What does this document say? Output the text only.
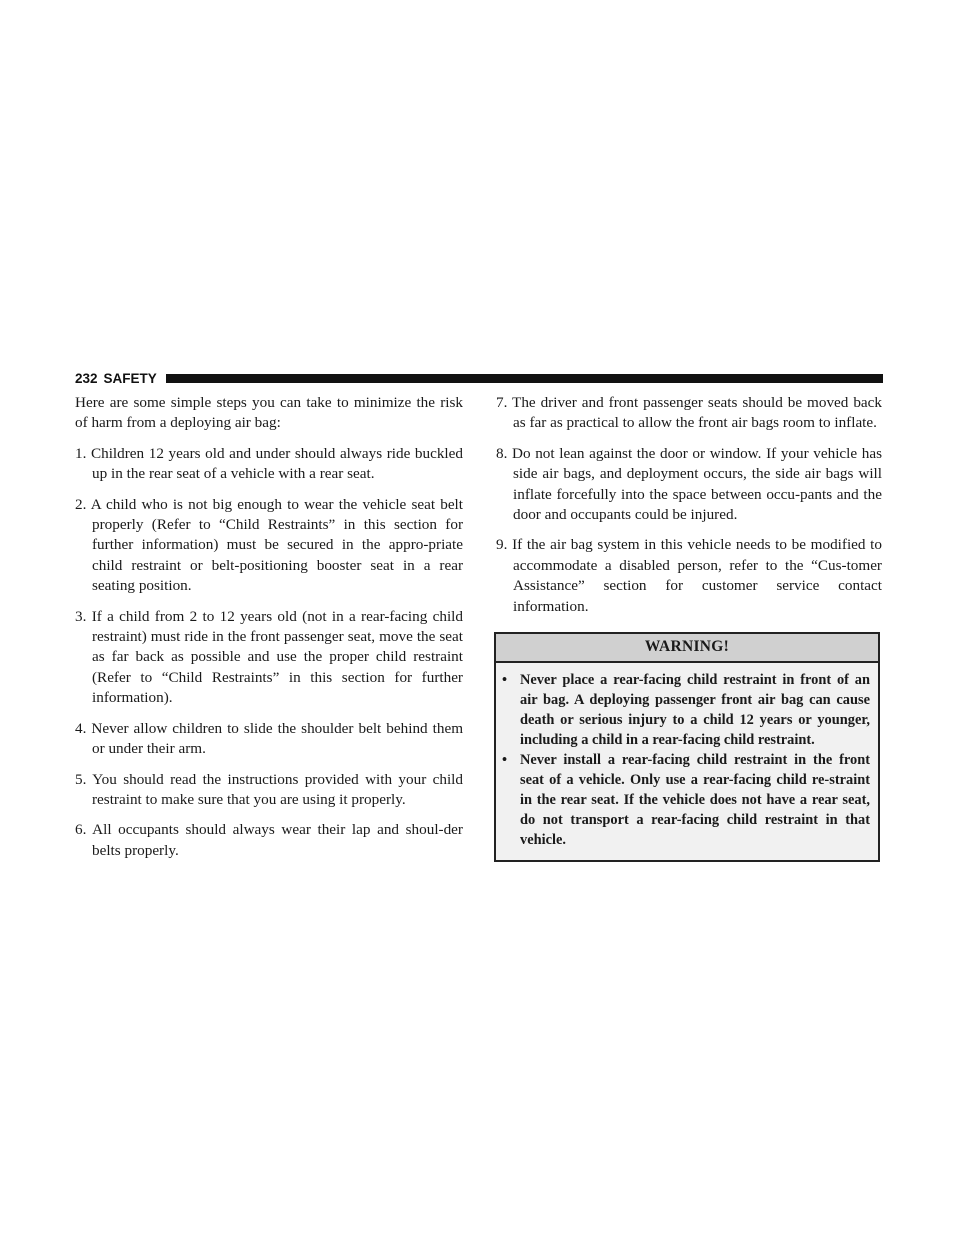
232 SAFETY

Here are some simple steps you can take to minimize the risk of harm from a deploying air bag:

1. Children 12 years old and under should always ride buckled up in the rear seat of a vehicle with a rear seat.
2. A child who is not big enough to wear the vehicle seat belt properly (Refer to “Child Restraints” in this section for further information) must be secured in the appro-priate child restraint or belt-positioning booster seat in a rear seating position.
3. If a child from 2 to 12 years old (not in a rear-facing child restraint) must ride in the front passenger seat, move the seat as far back as possible and use the proper child restraint (Refer to “Child Restraints” in this section for further information).
4. Never allow children to slide the shoulder belt behind them or under their arm.
5. You should read the instructions provided with your child restraint to make sure that you are using it properly.
6. All occupants should always wear their lap and shoul-der belts properly.
7. The driver and front passenger seats should be moved back as far as practical to allow the front air bags room to inflate.
8. Do not lean against the door or window. If your vehicle has side air bags, and deployment occurs, the side air bags will inflate forcefully into the space between occu-pants and the door and occupants could be injured.
9. If the air bag system in this vehicle needs to be modified to accommodate a disabled person, refer to the “Cus-tomer Assistance” section for customer service contact information.
WARNING!
• Never place a rear-facing child restraint in front of an air bag. A deploying passenger front air bag can cause death or serious injury to a child 12 years or younger, including a child in a rear-facing child restraint.
• Never install a rear-facing child restraint in the front seat of a vehicle. Only use a rear-facing child re-straint in the rear seat. If the vehicle does not have a rear seat, do not transport a rear-facing child restraint in that vehicle.
